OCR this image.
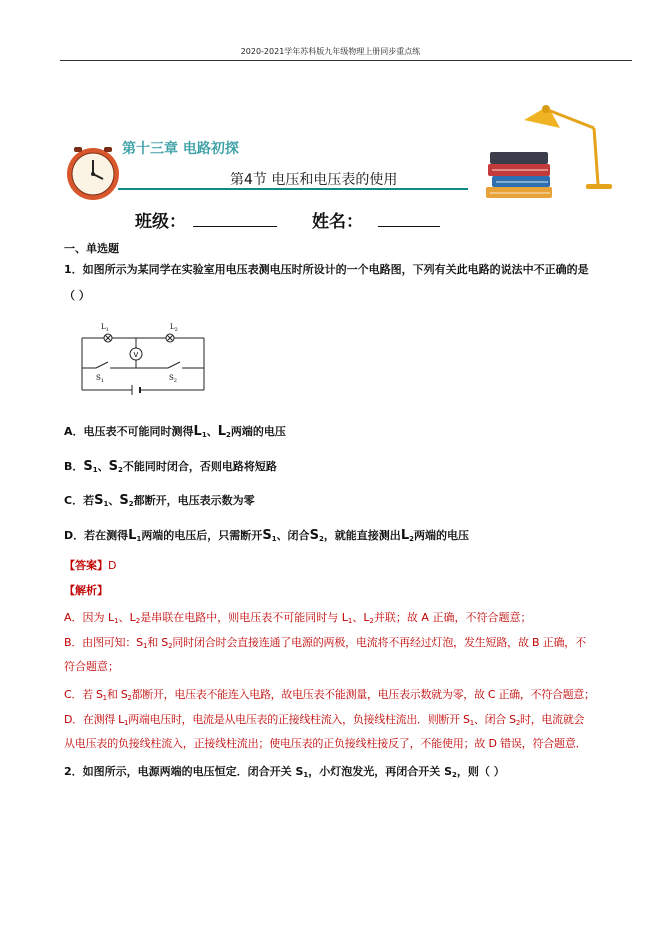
2020-2021学年苏科版九年级物理上册同步重点练
第十三章 电路初探
第4节 电压和电压表的使用
班级：	姓名：
一、单选题
1．如图所示为某同学在实验室用电压表测电压时所设计的一个电路图，下列有关此电路的说法中不正确的是
（ ）
V
$L_1$	$L_2$
$S_1$	$S_2$
A．电压表不可能同时测得$L_1$、$L_2$两端的电压
B．$S_1$、$S_2$不能同时闭合，否则电路将短路
C．若$S_1$、$S_2$都断开，电压表示数为零
D．若在测得$L_1$两端的电压后，只需断开$S_1$、闭合$S_2$，就能直接测出$L_2$两端的电压
【答案】D
【解析】
A．因为 $L_1$、$L_2$是串联在电路中，则电压表不可能同时与 $L_1$、$L_2$并联；故 A 正确，不符合题意；
B．由图可知：$S_1$和 $S_2$同时闭合时会直接连通了电源的两极，电流将不再经过灯泡，发生短路，故 B 正确，不
符合题意；
C．若 $S_1$和 $S_2$都断开，电压表不能连入电路，故电压表不能测量，电压表示数就为零，故 C 正确，不符合题意；
D．在测得 $L_1$两端电压时，电流是从电压表的正接线柱流入，负接线柱流出．则断开 $S_1$、闭合 $S_2$时，电流就会
从电压表的负接线柱流入，正接线柱流出；使电压表的正负接线柱接反了，不能使用；故 D 错误，符合题意．
2．如图所示，电源两端的电压恒定．闭合开关 $S_1$，小灯泡发光，再闭合开关 $S_2$，则（ ）
